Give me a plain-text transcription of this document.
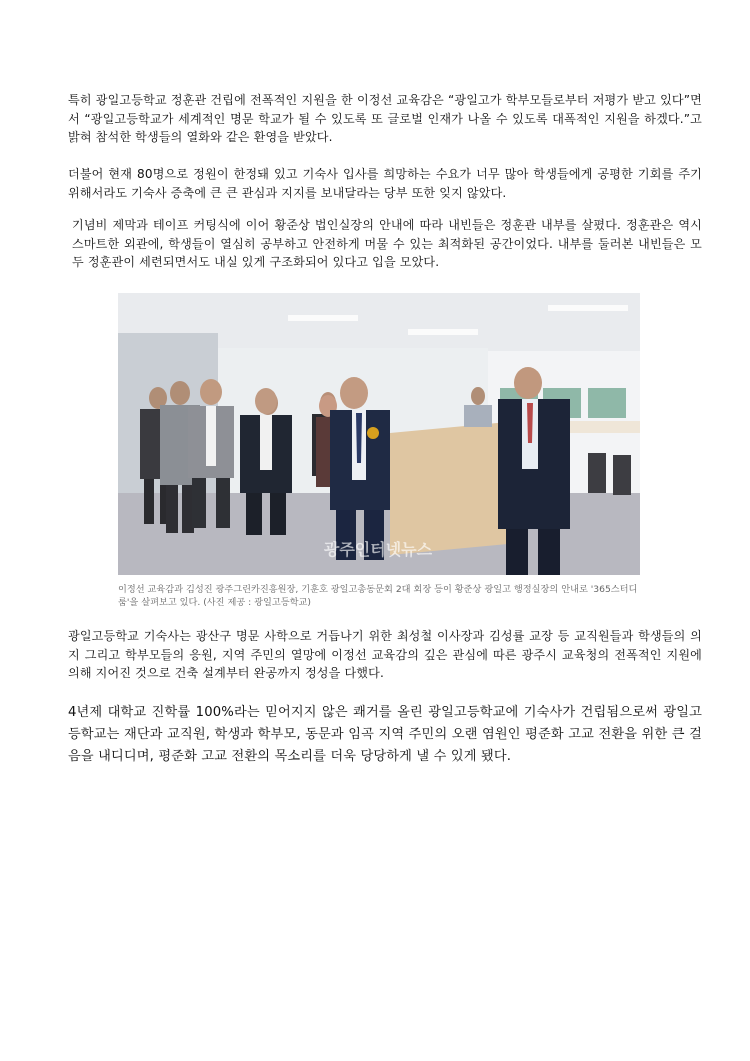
특히 광일고등학교 정훈관 건립에 전폭적인 지원을 한 이정선 교육감은 “광일고가 학부모들로부터 저평가 받고 있다”면서 “광일고등학교가 세계적인 명문 학교가 될 수 있도록 또 글로벌 인재가 나올 수 있도록 대폭적인 지원을 하겠다.”고 밝혀 참석한 학생들의 열화와 같은 환영을 받았다.

더불어 현재 80명으로 정원이 한정돼 있고 기숙사 입사를 희망하는 수요가 너무 많아 학생들에게 공평한 기회를 주기 위해서라도 기숙사 증축에 큰 큰 관심과 지지를 보내달라는 당부 또한 잊지 않았다.

기념비 제막과 테이프 커팅식에 이어 황준상 법인실장의 안내에 따라 내빈들은 정훈관 내부를 살폈다. 정훈관은 역시 스마트한 외관에, 학생들이 열심히 공부하고 안전하게 머물 수 있는 최적화된 공간이었다. 내부를 둘러본 내빈들은 모두 정훈관이 세련되면서도 내실 있게 구조화되어 있다고 입을 모았다.

광주인터넷뉴스

이정선 교육감과 김성진 광주그린카진흥원장, 기훈호 광일고총동문회 2대 회장 등이 황준상 광일고 행정실장의 안내로 '365스터디룸'을 살펴보고 있다. (사진 제공 : 광일고등학교)

광일고등학교 기숙사는 광산구 명문 사학으로 거듭나기 위한 최성철 이사장과 김성률 교장 등 교직원들과 학생들의 의지 그리고 학부모들의 응원, 지역 주민의 열망에 이정선 교육감의 깊은 관심에 따른 광주시 교육청의 전폭적인 지원에 의해 지어진 것으로 건축 설계부터 완공까지 정성을 다했다.

4년제 대학교 진학률 100%라는 믿어지지 않은 쾌거를 올린 광일고등학교에 기숙사가 건립됨으로써 광일고등학교는 재단과 교직원, 학생과 학부모, 동문과 임곡 지역 주민의 오랜 염원인 평준화 고교 전환을 위한 큰 걸음을 내디디며, 평준화 고교 전환의 목소리를 더욱 당당하게 낼 수 있게 됐다.
